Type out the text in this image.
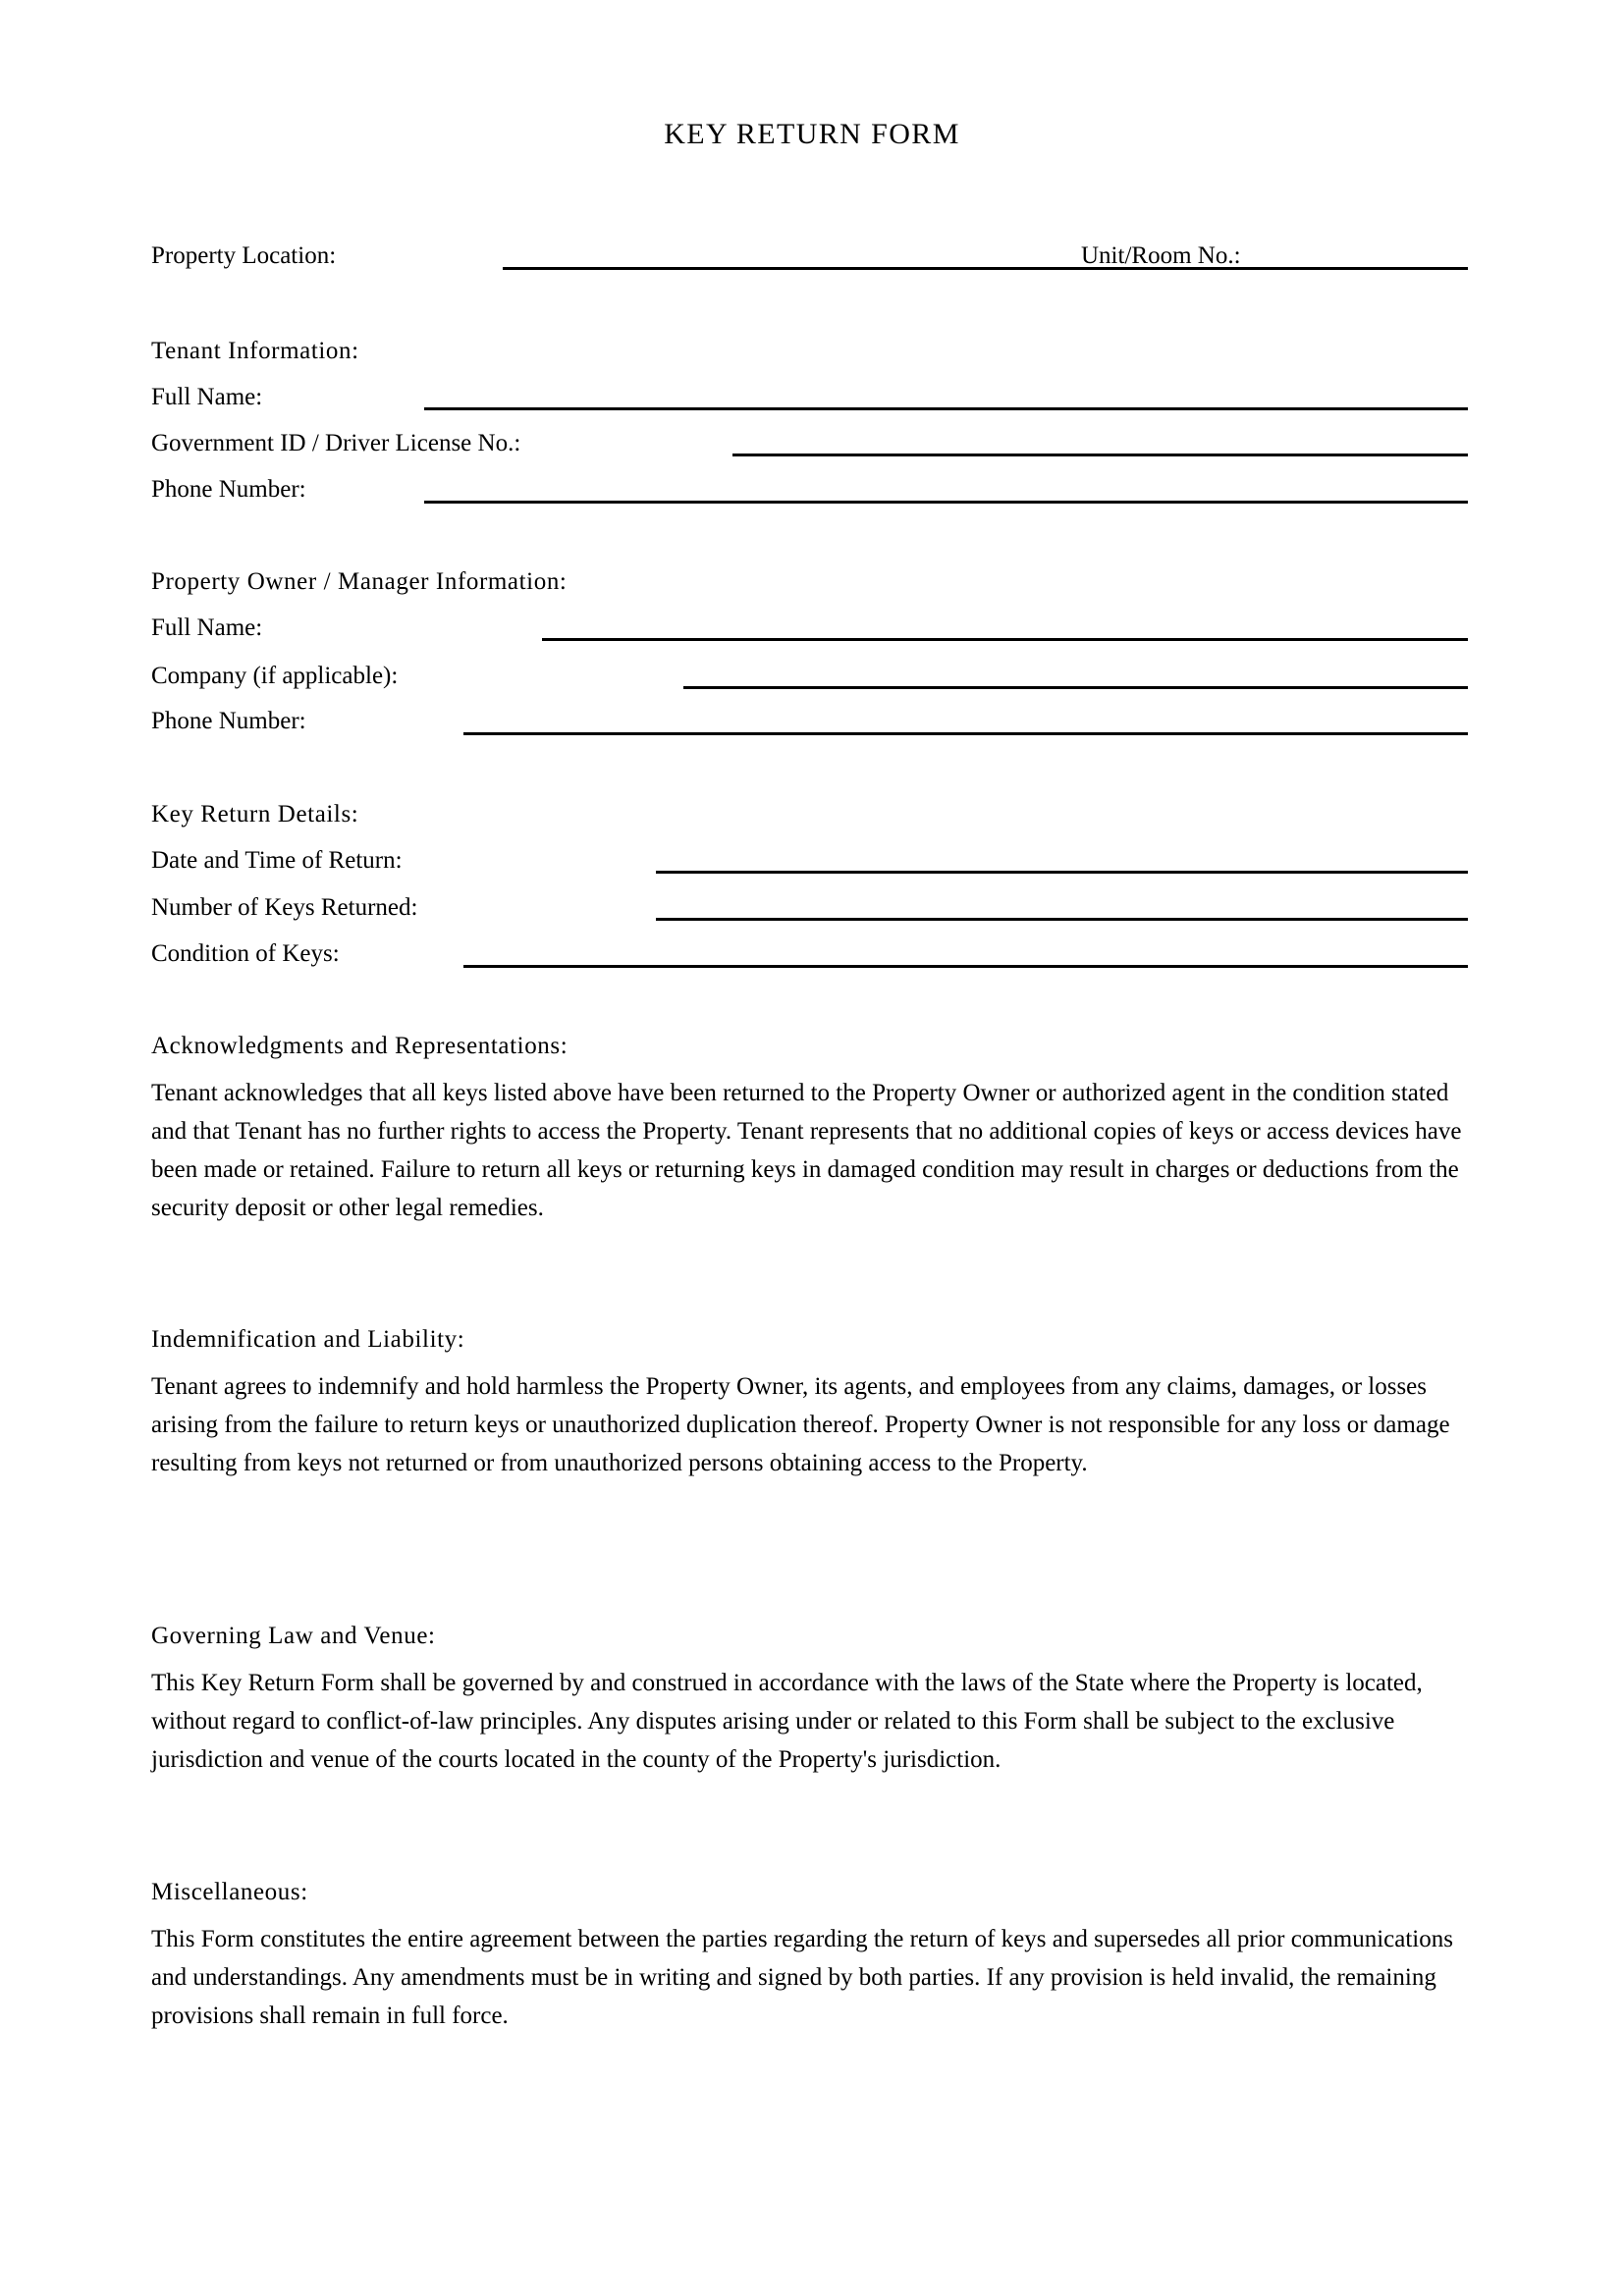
KEY RETURN FORM
Property Location:	Unit/Room No.:
Tenant Information:
Full Name:
Government ID / Driver License No.:
Phone Number:
Property Owner / Manager Information:
Full Name:
Company (if applicable):
Phone Number:
Key Return Details:
Date and Time of Return:
Number of Keys Returned:
Condition of Keys:
Acknowledgments and Representations:
Tenant acknowledges that all keys listed above have been returned to the Property Owner or authorized agent in the condition stated and that Tenant has no further rights to access the Property. Tenant represents that no additional copies of keys or access devices have been made or retained. Failure to return all keys or returning keys in damaged condition may result in charges or deductions from the security deposit or other legal remedies.
Indemnification and Liability:
Tenant agrees to indemnify and hold harmless the Property Owner, its agents, and employees from any claims, damages, or losses arising from the failure to return keys or unauthorized duplication thereof. Property Owner is not responsible for any loss or damage resulting from keys not returned or from unauthorized persons obtaining access to the Property.
Governing Law and Venue:
This Key Return Form shall be governed by and construed in accordance with the laws of the State where the Property is located, without regard to conflict-of-law principles. Any disputes arising under or related to this Form shall be subject to the exclusive jurisdiction and venue of the courts located in the county of the Property's jurisdiction.
Miscellaneous:
This Form constitutes the entire agreement between the parties regarding the return of keys and supersedes all prior communications and understandings. Any amendments must be in writing and signed by both parties. If any provision is held invalid, the remaining provisions shall remain in full force.
